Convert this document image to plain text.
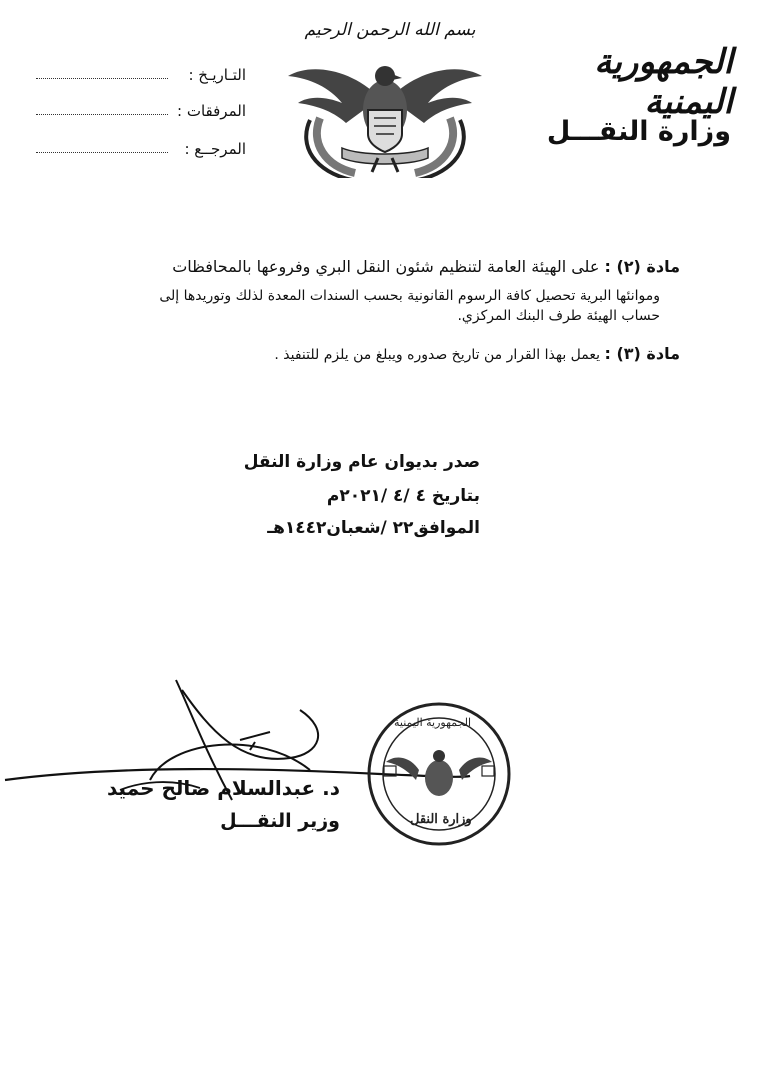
الجمهورية اليمنية
وزارة النقـــل
بسم الله الرحمن الرحيم
التـاريـخ :
المرفقات :
المرجــع :
مادة (٢) : على الهيئة العامة لتنظيم شئون النقل البري وفروعها بالمحافظات
وموانئها البرية تحصيل كافة الرسوم القانونية بحسب السندات المعدة لذلك وتوريدها إلى
حساب الهيئة طرف البنك المركزي.
مادة (٣) : يعمل بهذا القرار من تاريخ صدوره ويبلغ من يلزم للتنفيذ .
صدر بديوان عام وزارة النقل
بتاريخ ٤ /٤ /٢٠٢١م
الموافق٢٢ /شعبان١٤٤٢هـ
د. عبدالسلام صالح حميد
وزير النقـــل
الجمهورية اليمنية
وزارة النقل
